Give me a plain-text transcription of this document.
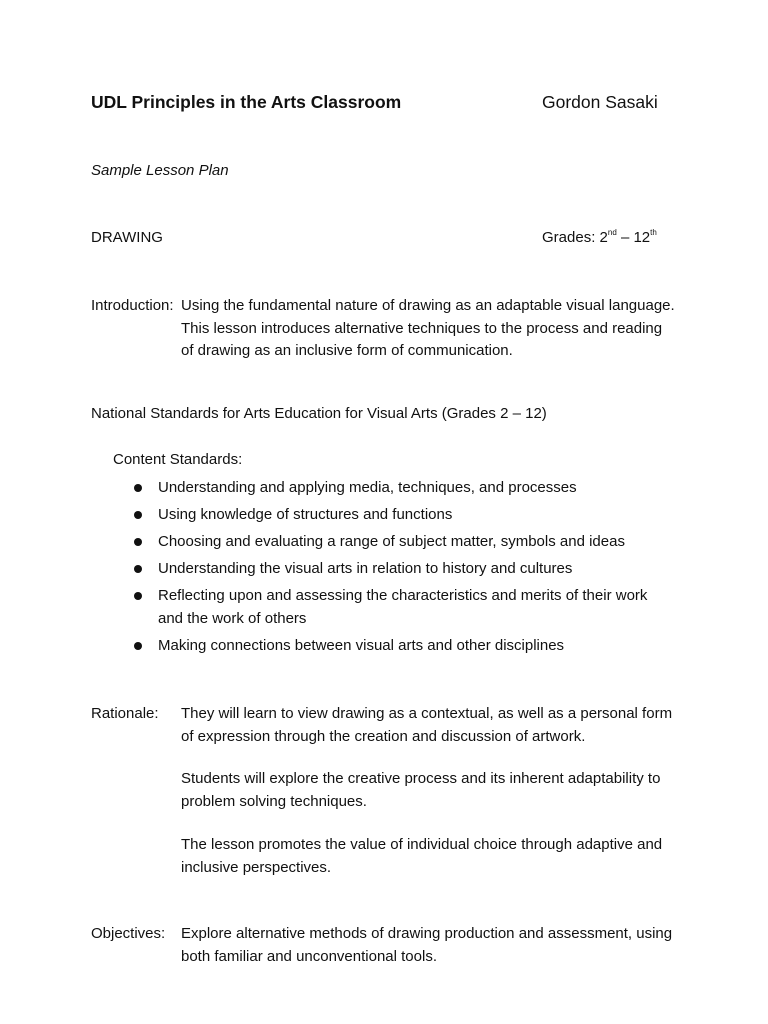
UDL Principles in the Arts Classroom	Gordon Sasaki

Sample Lesson Plan

DRAWING	Grades: 2nd – 12th

Introduction: Using the fundamental nature of drawing as an adaptable visual language.
This lesson introduces alternative techniques to the process and reading
of drawing as an inclusive form of communication.

National Standards for Arts Education for Visual Arts (Grades 2 – 12)

Content Standards:

Understanding and applying media, techniques, and processes
Using knowledge of structures and functions
Choosing and evaluating a range of subject matter, symbols and ideas
Understanding the visual arts in relation to history and cultures
Reflecting upon and assessing the characteristics and merits of their work
and the work of others
Making connections between visual arts and other disciplines

Rationale: They will learn to view drawing as a contextual, as well as a personal form
of expression through the creation and discussion of artwork.
Students will explore the creative process and its inherent adaptability to
problem solving techniques.
The lesson promotes the value of individual choice through adaptive and
inclusive perspectives.

Objectives: Explore alternative methods of drawing production and assessment, using
both familiar and unconventional tools.
